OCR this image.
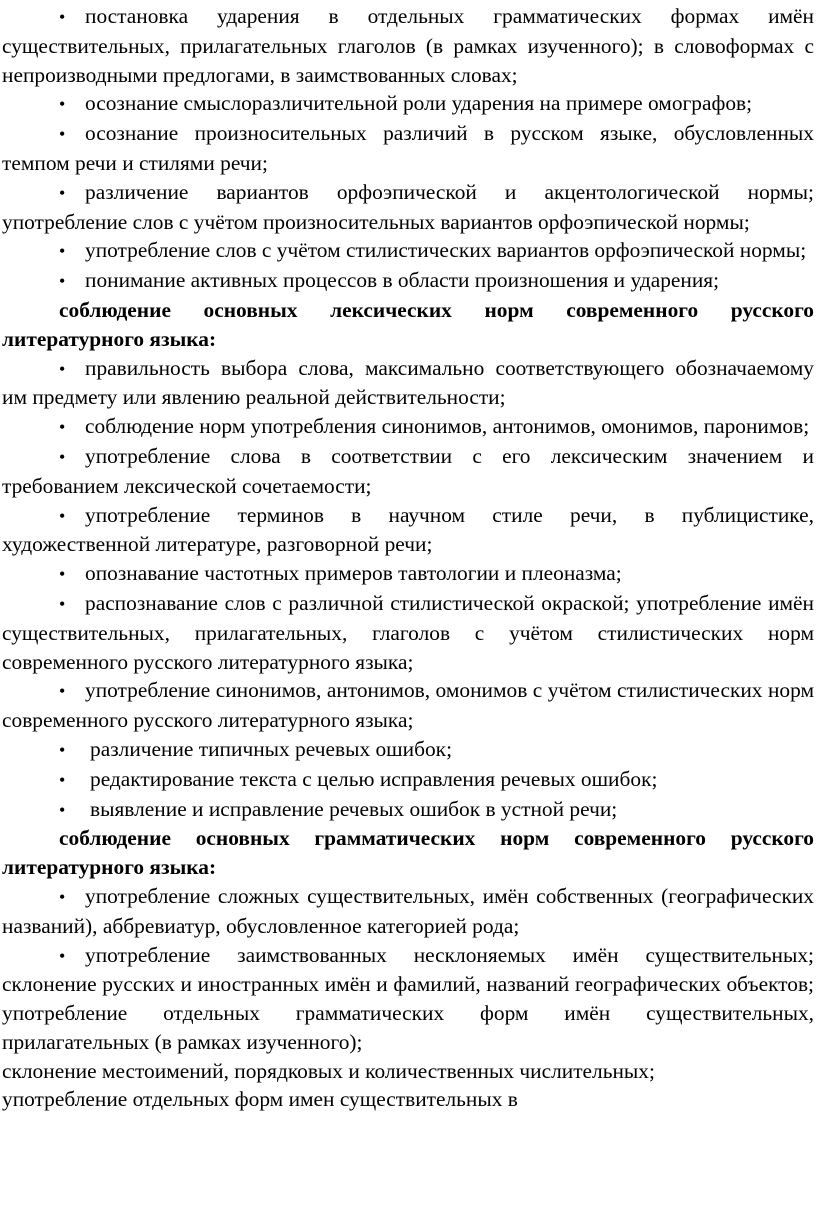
• постановка ударения в отдельных грамматических формах имён существительных, прилагательных глаголов (в рамках изученного); в словоформах с непроизводными предлогами, в заимствованных словах;

• осознание смыслоразличительной роли ударения на примере омографов;

• осознание произносительных различий в русском языке, обусловленных темпом речи и стилями речи;

• различение вариантов орфоэпической и акцентологической нормы; употребление слов с учётом произносительных вариантов орфоэпической нормы;

• употребление слов с учётом стилистических вариантов орфоэпической нормы;

• понимание активных процессов в области произношения и ударения;

соблюдение основных лексических норм современного русского литературного языка:

• правильность выбора слова, максимально соответствующего обозначаемому им предмету или явлению реальной действительности;

• соблюдение норм употребления синонимов, антонимов, омонимов, паронимов;

• употребление слова в соответствии с его лексическим значением и требованием лексической сочетаемости;

• употребление терминов в научном стиле речи, в публицистике, художественной литературе, разговорной речи;

• опознавание частотных примеров тавтологии и плеоназма;

• распознавание слов с различной стилистической окраской; употребление имён существительных, прилагательных, глаголов с учётом стилистических норм современного русского литературного языка;

• употребление синонимов, антонимов, омонимов с учётом стилистических норм современного русского литературного языка;

• различение типичных речевых ошибок;

• редактирование текста с целью исправления речевых ошибок;

• выявление и исправление речевых ошибок в устной речи;

соблюдение основных грамматических норм современного русского литературного языка:

• употребление сложных существительных, имён собственных (географических названий), аббревиатур, обусловленное категорией рода;

• употребление заимствованных несклоняемых имён существительных; склонение русских и иностранных имён и фамилий, названий географических объектов; употребление отдельных грамматических форм имён существительных, прилагательных (в рамках изученного);

склонение местоимений, порядковых и количественных числительных;

употребление отдельных форм имен существительных в
